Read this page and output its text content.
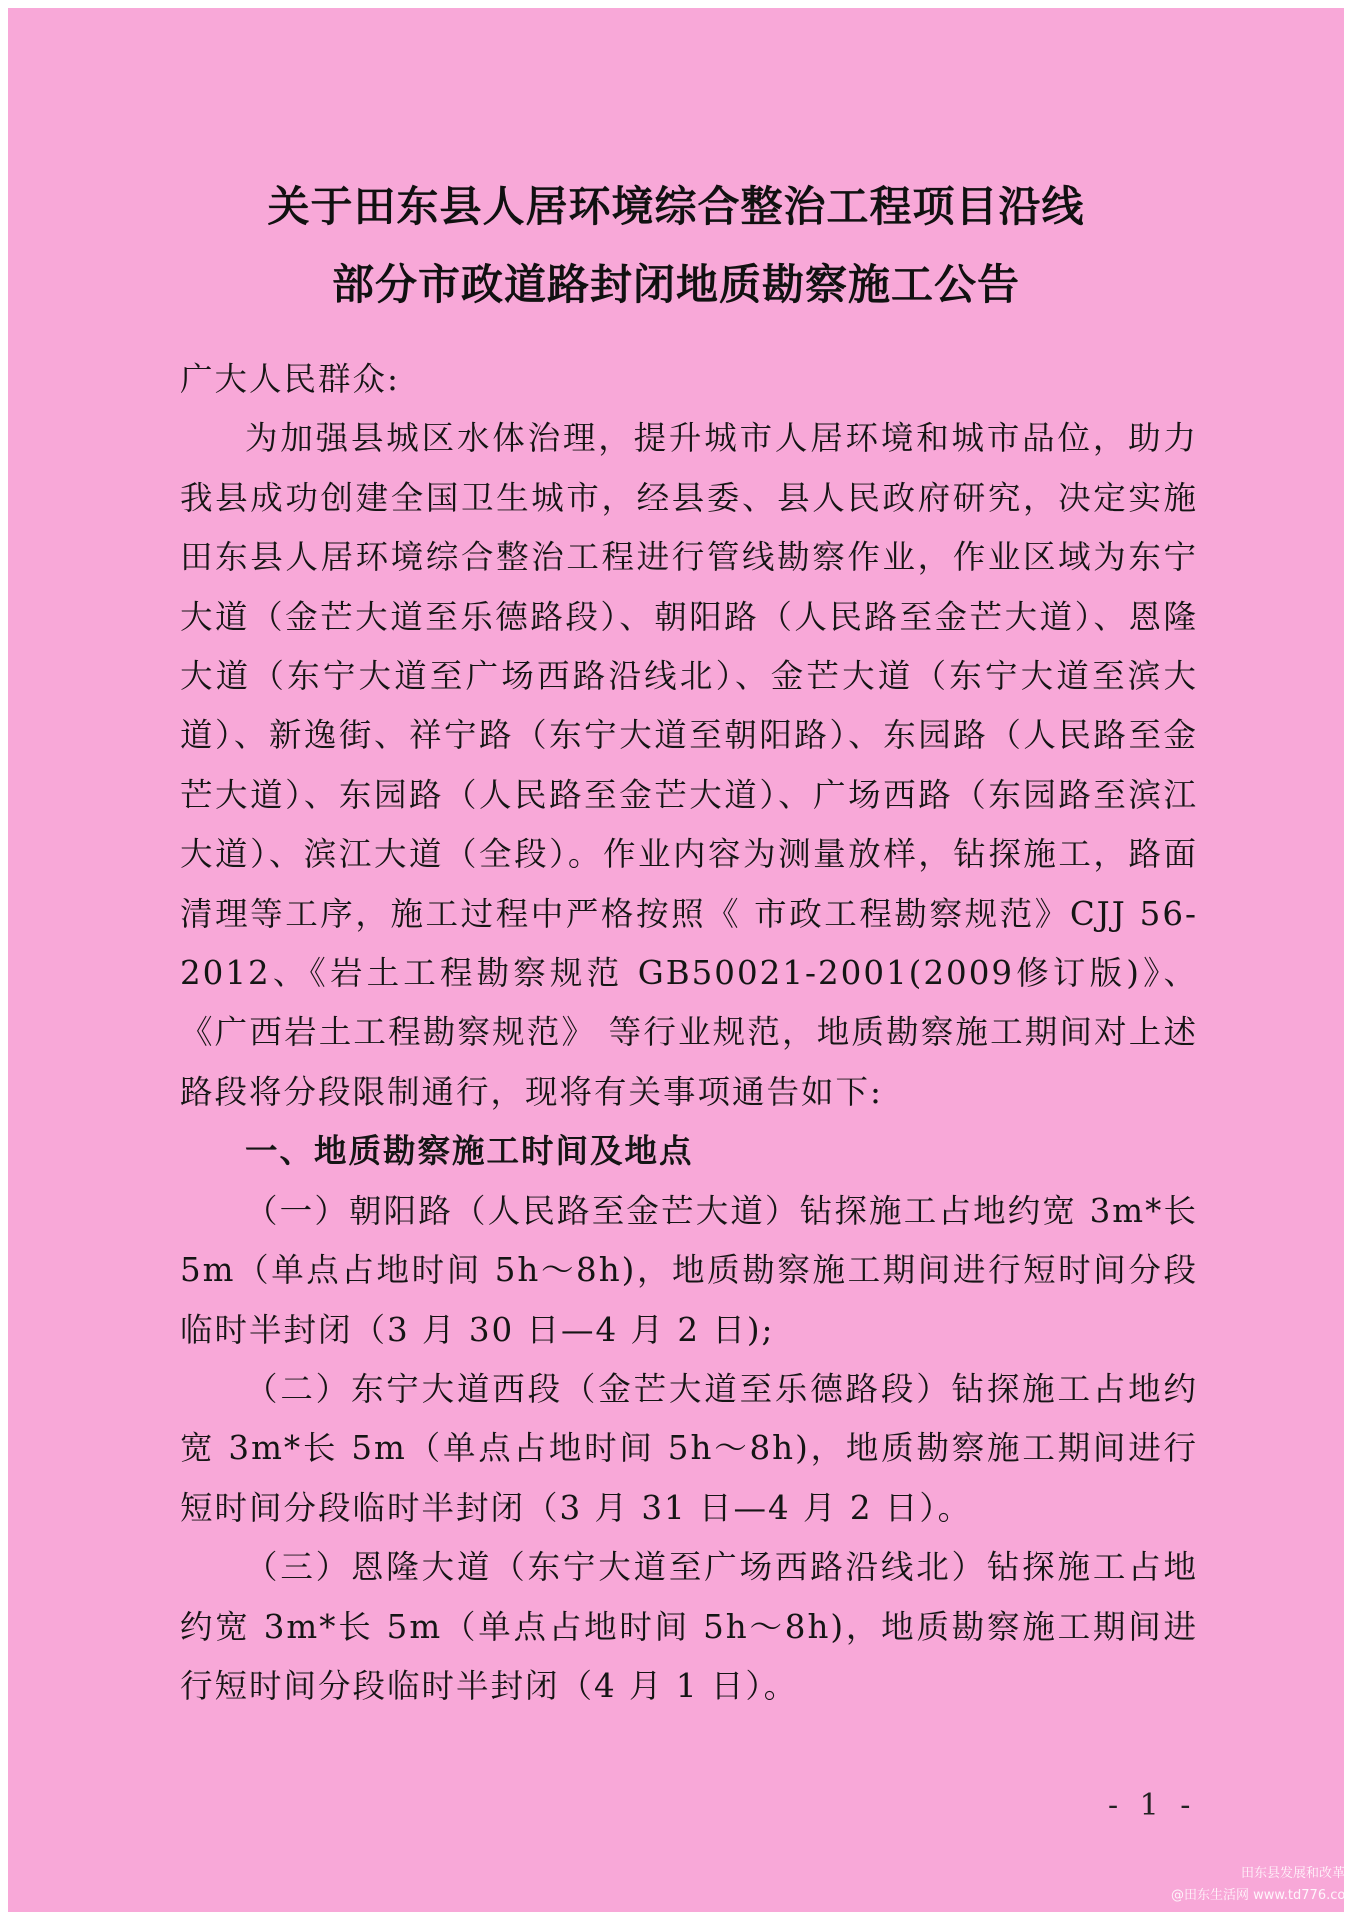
关于田东县人居环境综合整治工程项目沿线
部分市政道路封闭地质勘察施工公告

广大人民群众:

为加强县城区水体治理，提升城市人居环境和城市品位，助力我县成功创建全国卫生城市，经县委、县人民政府研究，决定实施田东县人居环境综合整治工程进行管线勘察作业，作业区域为东宁大道（金芒大道至乐德路段）、朝阳路（人民路至金芒大道）、恩隆大道（东宁大道至广场西路沿线北）、金芒大道（东宁大道至滨大道）、新逸街、祥宁路（东宁大道至朝阳路）、东园路（人民路至金芒大道）、东园路（人民路至金芒大道）、广场西路（东园路至滨江大道）、滨江大道（全段）。作业内容为测量放样，钻探施工，路面清理等工序，施工过程中严格按照《 市政工程勘察规范》CJJ 56-2012、《岩土工程勘察规范 GB50021-2001(2009修订版)》、《广西岩土工程勘察规范》 等行业规范，地质勘察施工期间对上述路段将分段限制通行，现将有关事项通告如下:

一、地质勘察施工时间及地点

（一）朝阳路（人民路至金芒大道）钻探施工占地约宽 3m*长 5m（单点占地时间 5h～8h)，地质勘察施工期间进行短时间分段临时半封闭（3 月 30 日—4 月 2 日);

（二）东宁大道西段（金芒大道至乐德路段）钻探施工占地约宽 3m*长 5m（单点占地时间 5h～8h)，地质勘察施工期间进行短时间分段临时半封闭（3 月 31 日—4 月 2 日）。

（三）恩隆大道（东宁大道至广场西路沿线北）钻探施工占地约宽 3m*长 5m（单点占地时间 5h～8h)，地质勘察施工期间进行短时间分段临时半封闭（4 月 1 日）。

- 1 -
田东县发展和改革局
@田东生活网 www.td776.com
